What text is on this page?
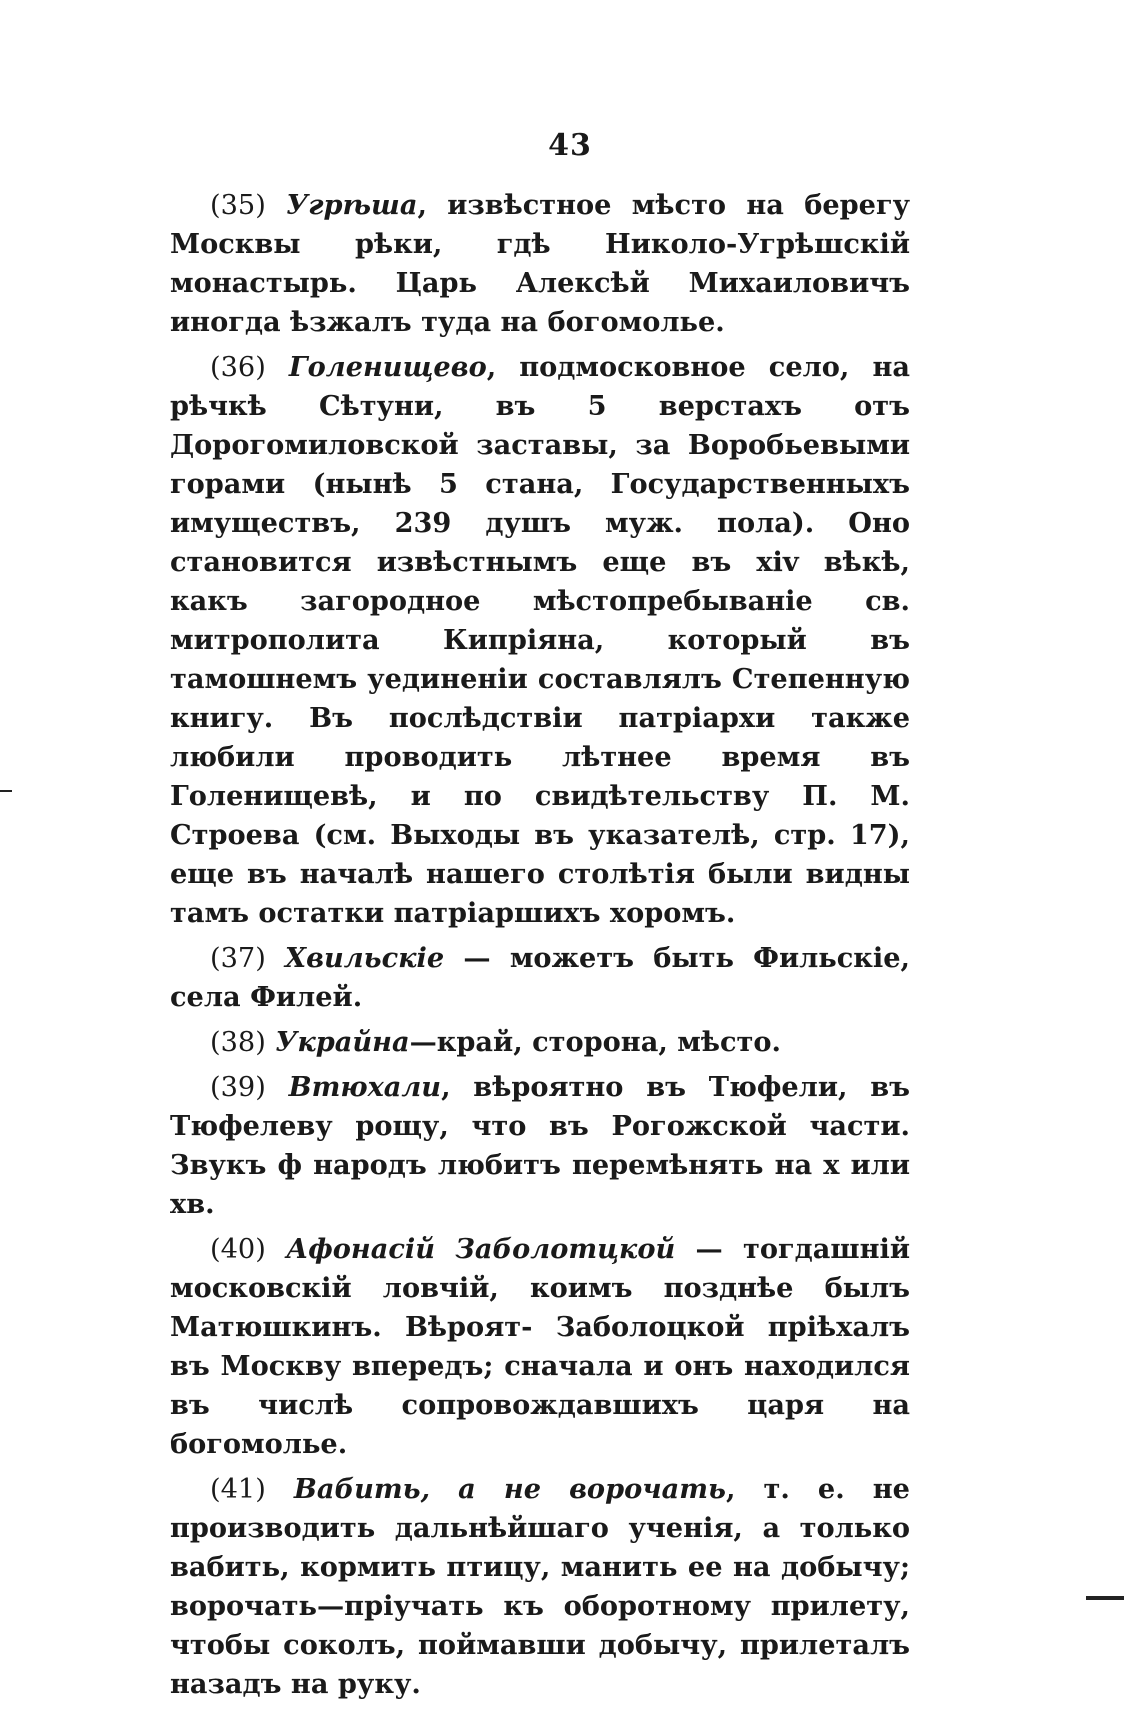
43

(35) Угрѣша, извѣстное мѣсто на берегу Москвы рѣки, гдѣ Николо-Угрѣшскій монастырь. Царь Алексѣй Михаиловичъ иногда ѣзжалъ туда на богомолье.

(36) Голенищево, подмосковное село, на рѣчкѣ Сѣтуни, въ 5 верстахъ отъ Дорогомиловской заставы, за Воробьевыми горами (нынѣ 5 стана, Государственныхъ имуществъ, 239 душъ муж. пола). Оно становится извѣстнымъ еще въ xiv вѣкѣ, какъ загородное мѣстопребываніе св. митрополита Кипріяна, который въ тамошнемъ уединеніи составлялъ Степенную книгу. Въ послѣдствіи патріархи также любили проводить лѣтнее время въ Голенищевѣ, и по свидѣтельству П. М. Строева (см. Выходы въ указателѣ, стр. 17), еще въ началѣ нашего столѣтія были видны тамъ остатки патріаршихъ хоромъ.

(37) Хвильскіе — можетъ быть Фильскіе, села Филей.

(38) Украйна—край, сторона, мѣсто.

(39) Втюхали, вѣроятно въ Тюфели, въ Тюфелеву рощу, что въ Рогожской части. Звукъ ф народъ любитъ перемѣнять на х или хв.

(40) Афонасій Заболотцкой — тогдашній московскій ловчій, коимъ позднѣе былъ Матюшкинъ. Вѣроят- Заболоцкой пріѣхалъ въ Москву впередъ; сначала и онъ находился въ числѣ сопровождавшихъ царя на богомолье.

(41) Вабить, а не ворочать, т. е. не производить дальнѣйшаго ученія, а только вабить, кормить птицу, манить ее на добычу; ворочать—пріучать къ оборотному прилету, чтобы соколъ, поймавши добычу, прилеталъ назадъ на руку.
